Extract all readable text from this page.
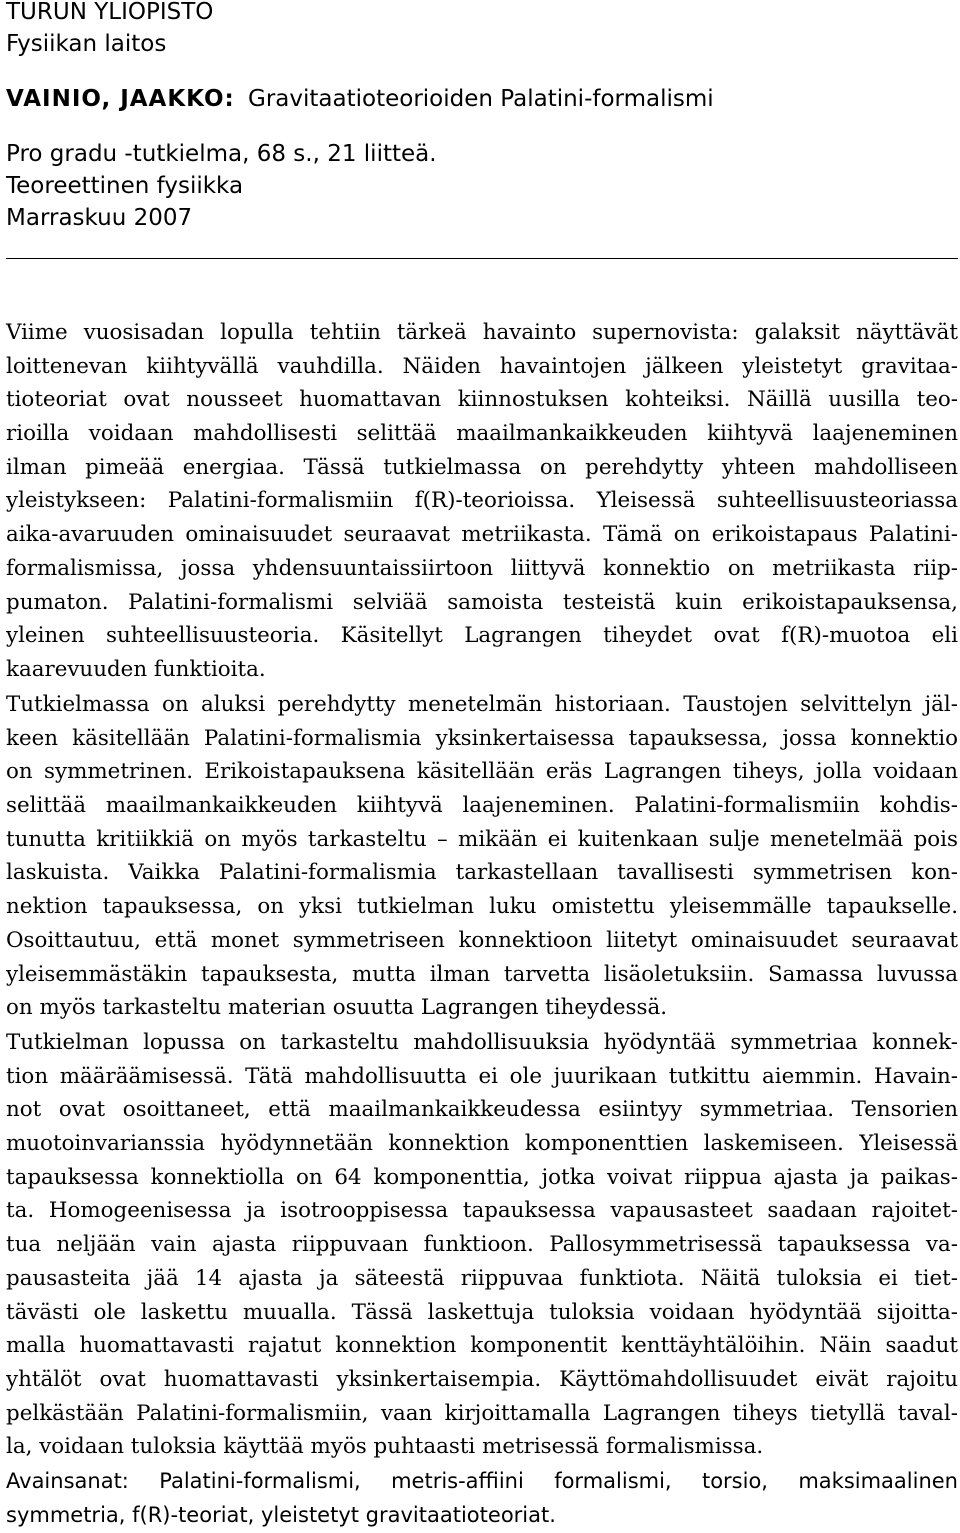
TURUN YLIOPISTO
Fysiikan laitos
VAINIO, JAAKKO: Gravitaatioteorioiden Palatini-formalismi
Pro gradu -tutkielma, 68 s., 21 liitteä.
Teoreettinen fysiikka
Marraskuu 2007
Viime vuosisadan lopulla tehtiin tärkeä havainto supernovista: galaksit näyttävät
loittenevan kiihtyvällä vauhdilla. Näiden havaintojen jälkeen yleistetyt gravitaa-
tioteoriat ovat nousseet huomattavan kiinnostuksen kohteiksi. Näillä uusilla teo-
rioilla voidaan mahdollisesti selittää maailmankaikkeuden kiihtyvä laajeneminen
ilman pimeää energiaa. Tässä tutkielmassa on perehdytty yhteen mahdolliseen
yleistykseen: Palatini-formalismiin f(R)-teorioissa. Yleisessä suhteellisuusteoriassa
aika-avaruuden ominaisuudet seuraavat metriikasta. Tämä on erikoistapaus Palatini-
formalismissa, jossa yhdensuuntaissiirtoon liittyvä konnektio on metriikasta riip-
pumaton. Palatini-formalismi selviää samoista testeistä kuin erikoistapauksensa,
yleinen suhteellisuusteoria. Käsitellyt Lagrangen tiheydet ovat f(R)-muotoa eli
kaarevuuden funktioita.
Tutkielmassa on aluksi perehdytty menetelmän historiaan. Taustojen selvittelyn jäl-
keen käsitellään Palatini-formalismia yksinkertaisessa tapauksessa, jossa konnektio
on symmetrinen. Erikoistapauksena käsitellään eräs Lagrangen tiheys, jolla voidaan
selittää maailmankaikkeuden kiihtyvä laajeneminen. Palatini-formalismiin kohdis-
tunutta kritiikkiä on myös tarkasteltu – mikään ei kuitenkaan sulje menetelmää pois
laskuista. Vaikka Palatini-formalismia tarkastellaan tavallisesti symmetrisen kon-
nektion tapauksessa, on yksi tutkielman luku omistettu yleisemmälle tapaukselle.
Osoittautuu, että monet symmetriseen konnektioon liitetyt ominaisuudet seuraavat
yleisemmästäkin tapauksesta, mutta ilman tarvetta lisäoletuksiin. Samassa luvussa
on myös tarkasteltu materian osuutta Lagrangen tiheydessä.
Tutkielman lopussa on tarkasteltu mahdollisuuksia hyödyntää symmetriaa konnek-
tion määräämisessä. Tätä mahdollisuutta ei ole juurikaan tutkittu aiemmin. Havain-
not ovat osoittaneet, että maailmankaikkeudessa esiintyy symmetriaa. Tensorien
muotoinvarianssia hyödynnetään konnektion komponenttien laskemiseen. Yleisessä
tapauksessa konnektiolla on 64 komponenttia, jotka voivat riippua ajasta ja paikas-
ta. Homogeenisessa ja isotrooppisessa tapauksessa vapausasteet saadaan rajoitet-
tua neljään vain ajasta riippuvaan funktioon. Pallosymmetrisessä tapauksessa va-
pausasteita jää 14 ajasta ja säteestä riippuvaa funktiota. Näitä tuloksia ei tiet-
tävästi ole laskettu muualla. Tässä laskettuja tuloksia voidaan hyödyntää sijoitta-
malla huomattavasti rajatut konnektion komponentit kenttäyhtälöihin. Näin saadut
yhtälöt ovat huomattavasti yksinkertaisempia. Käyttömahdollisuudet eivät rajoitu
pelkästään Palatini-formalismiin, vaan kirjoittamalla Lagrangen tiheys tietyllä taval-
la, voidaan tuloksia käyttää myös puhtaasti metrisessä formalismissa.
Avainsanat: Palatini-formalismi, metris-affiini formalismi, torsio, maksimaalinen
symmetria, f(R)-teoriat, yleistetyt gravitaatioteoriat.
